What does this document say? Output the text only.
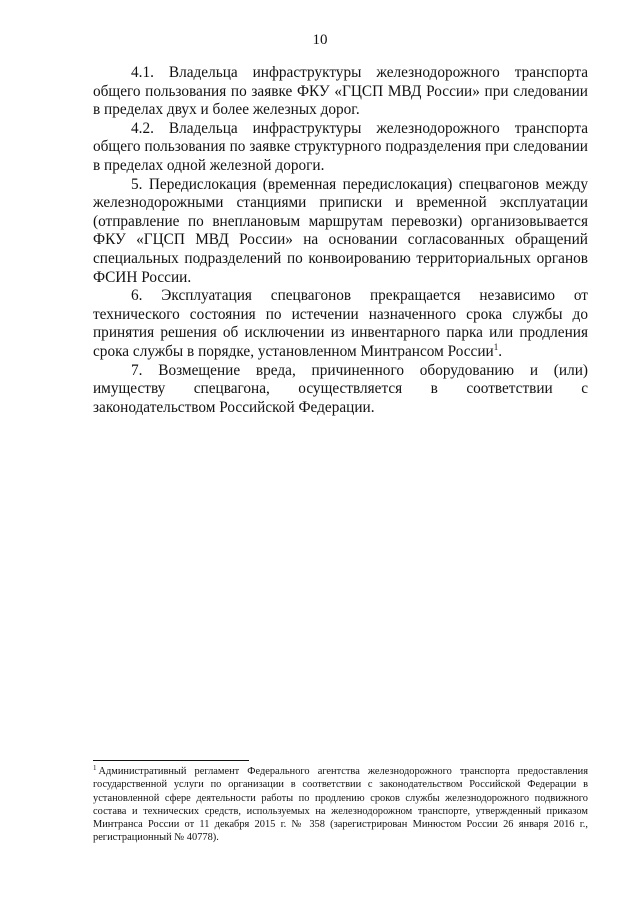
10

4.1. Владельца инфраструктуры железнодорожного транспорта общего пользования по заявке ФКУ «ГЦСП МВД России» при следовании в пределах двух и более железных дорог.

4.2. Владельца инфраструктуры железнодорожного транспорта общего пользования по заявке структурного подразделения при следовании в пределах одной железной дороги.

5. Передислокация (временная передислокация) спецвагонов между железнодорожными станциями приписки и временной эксплуатации (отправление по внеплановым маршрутам перевозки) организовывается ФКУ «ГЦСП МВД России» на основании согласованных обращений специальных подразделений по конвоированию территориальных органов ФСИН России.

6. Эксплуатация спецвагонов прекращается независимо от технического состояния по истечении назначенного срока службы до принятия решения об исключении из инвентарного парка или продления срока службы в порядке, установленном Минтрансом России$^1$.

7. Возмещение вреда, причиненного оборудованию и (или) имуществу спецвагона, осуществляется в соответствии с законодательством Российской Федерации.

$^1$ Административный регламент Федерального агентства железнодорожного транспорта предоставления государственной услуги по организации в соответствии с законодательством Российской Федерации в установленной сфере деятельности работы по продлению сроков службы железнодорожного подвижного состава и технических средств, используемых на железнодорожном транспорте, утвержденный приказом Минтранса России от 11 декабря 2015 г. № 358 (зарегистрирован Минюстом России 26 января 2016 г., регистрационный № 40778).
